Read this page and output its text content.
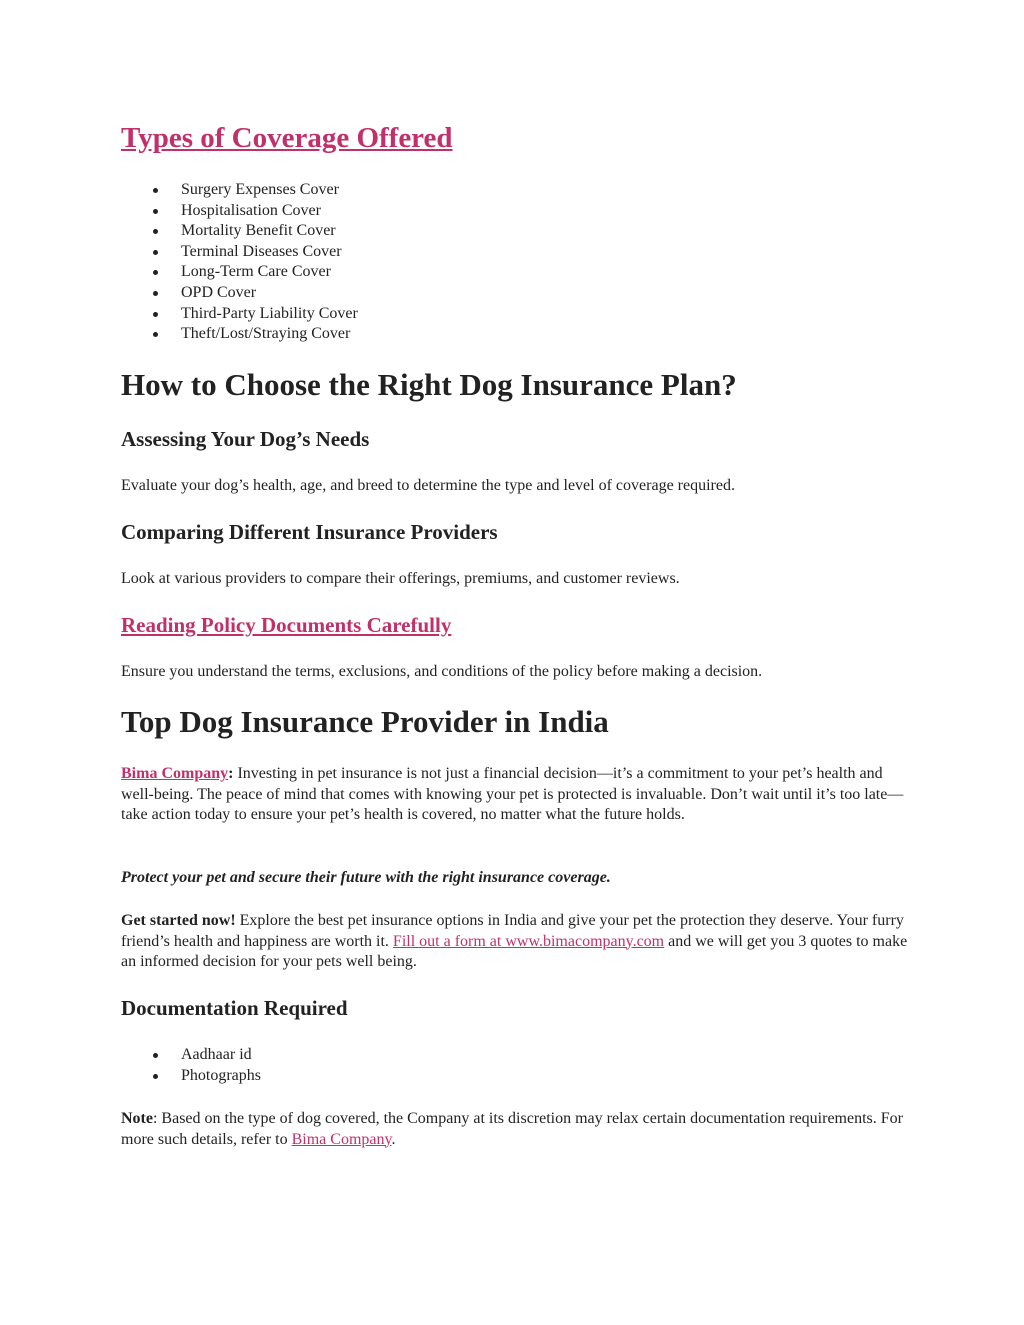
Types of Coverage Offered
Surgery Expenses Cover
Hospitalisation Cover
Mortality Benefit Cover
Terminal Diseases Cover
Long-Term Care Cover
OPD Cover
Third-Party Liability Cover
Theft/Lost/Straying Cover
How to Choose the Right Dog Insurance Plan?
Assessing Your Dog’s Needs

Evaluate your dog’s health, age, and breed to determine the type and level of coverage required.

Comparing Different Insurance Providers

Look at various providers to compare their offerings, premiums, and customer reviews.

Reading Policy Documents Carefully

Ensure you understand the terms, exclusions, and conditions of the policy before making a decision.

Top Dog Insurance Provider in India

Bima Company: Investing in pet insurance is not just a financial decision—it’s a commitment to your pet’s health and well-being. The peace of mind that comes with knowing your pet is protected is invaluable. Don’t wait until it’s too late—take action today to ensure your pet’s health is covered, no matter what the future holds.

Protect your pet and secure their future with the right insurance coverage.

Get started now! Explore the best pet insurance options in India and give your pet the protection they deserve. Your furry friend’s health and happiness are worth it. Fill out a form at www.bimacompany.com and we will get you 3 quotes to make an informed decision for your pets well being.

Documentation Required
Aadhaar id
Photographs

Note: Based on the type of dog covered, the Company at its discretion may relax certain documentation requirements. For more such details, refer to Bima Company.
